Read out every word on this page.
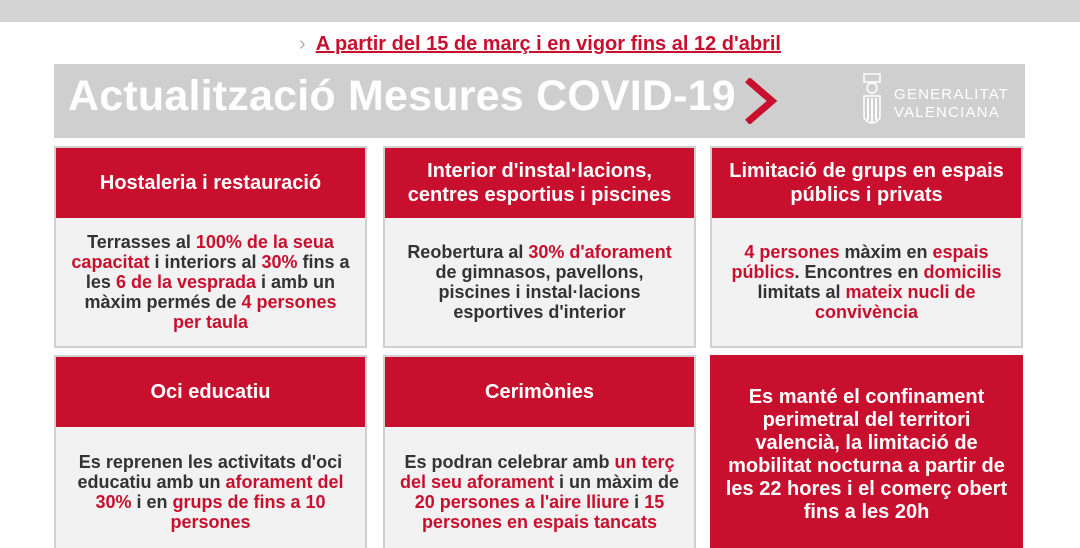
› A partir del 15 de març i en vigor fins al 12 d'abril
Actualització Mesures COVID-19	GENERALITAT
VALENCIANA
Hostaleria i restauració
Terrasses al 100% de la seua capacitat i interiors al 30% fins a les 6 de la vesprada i amb un màxim permés de 4 persones per taula
Interior d'instal·lacions, centres esportius i piscines
Reobertura al 30% d'aforament de gimnasos, pavellons, piscines i instal·lacions esportives d'interior
Limitació de grups en espais públics i privats
4 persones màxim en espais públics. Encontres en domicilis limitats al mateix nucli de convivència
Oci educatiu
Es reprenen les activitats d'oci educatiu amb un aforament del 30% i en grups de fins a 10 persones
Cerimònies
Es podran celebrar amb un terç del seu aforament i un màxim de 20 persones a l'aire lliure i 15 persones en espais tancats
Es manté el confinament perimetral del territori valencià, la limitació de mobilitat nocturna a partir de les 22 hores i el comerç obert fins a les 20h
